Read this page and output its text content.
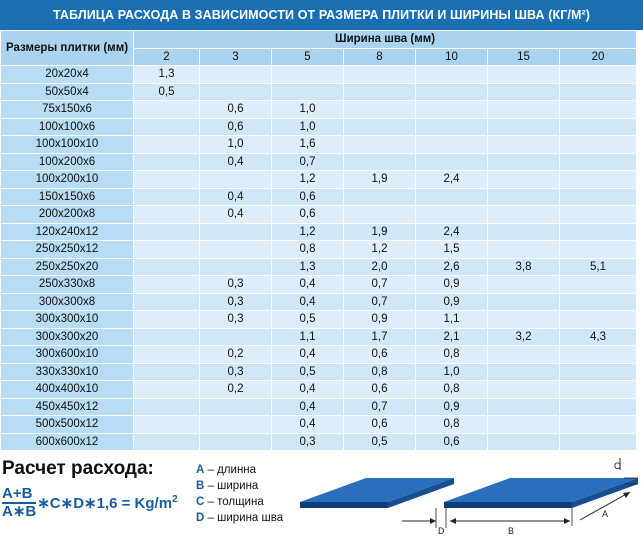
ТАБЛИЦА РАСХОДА В ЗАВИСИМОСТИ ОТ РАЗМЕРА ПЛИТКИ И ШИРИНЫ ШВА (КГ/М²)
Размеры плитки (мм)	Ширина шва (мм)						
	2	3	5	8	10	15	20
20x20x4	1,3						
50x50x4	0,5						
75x150x6		0,6	1,0				
100x100x6		0,6	1,0				
100x100x10		1,0	1,6				
100x200x6		0,4	0,7				
100x200x10			1,2	1,9	2,4		
150x150x6		0,4	0,6				
200x200x8		0,4	0,6				
120x240x12			1,2	1,9	2,4		
250x250x12			0,8	1,2	1,5		
250x250x20			1,3	2,0	2,6	3,8	5,1
250x330x8		0,3	0,4	0,7	0,9		
300x300x8		0,3	0,4	0,7	0,9		
300x300x10		0,3	0,5	0,9	1,1		
300x300x20			1,1	1,7	2,1	3,2	4,3
300x600x10		0,2	0,4	0,6	0,8		
330x330x10		0,3	0,5	0,8	1,0		
400x400x10		0,2	0,4	0,6	0,8		
450x450x12			0,4	0,7	0,9		
500x500x12			0,4	0,6	0,8		
600x600x12			0,3	0,5	0,6		
Расчет расхода:
$\frac{A+B}{A∗B}$ ∗C∗D∗1,6 = $Kg/m^2$
A – длинна
B – ширина
C – толщина
D – ширина шва
C
D	B
A
